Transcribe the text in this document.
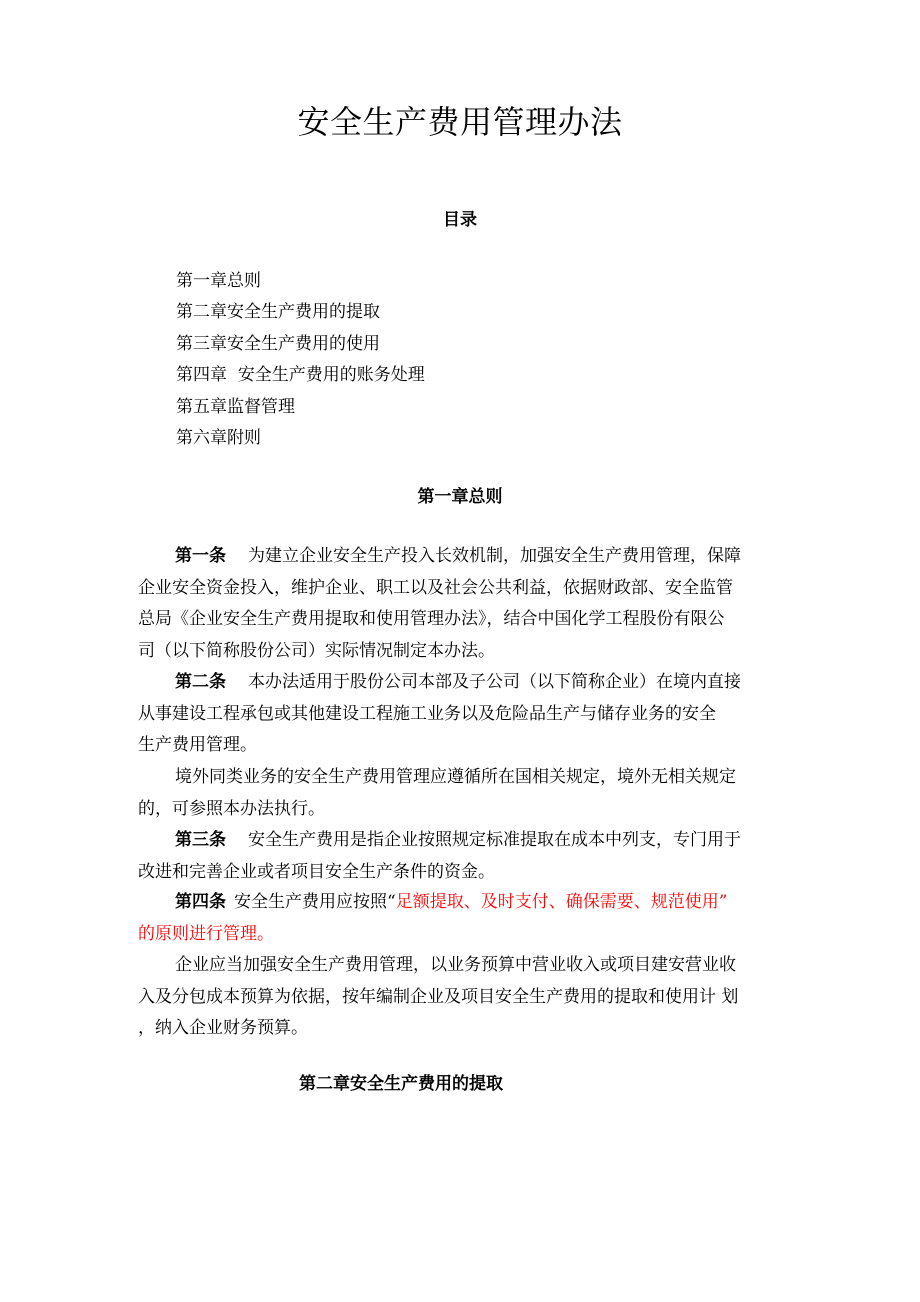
安全生产费用管理办法
目录
第一章总则
第二章安全生产费用的提取
第三章安全生产费用的使用
第四章  安全生产费用的账务处理
第五章监督管理
第六章附则
第一章总则
第一条 为建立企业安全生产投入长效机制，加强安全生产费用管理，保障
企业安全资金投入，维护企业、职工以及社会公共利益，依据财政部、安全监管
总局《企业安全生产费用提取和使用管理办法》，结合中国化学工程股份有限公
司（以下简称股份公司）实际情况制定本办法。
第二条 本办法适用于股份公司本部及子公司（以下简称企业）在境内直接
从事建设工程承包或其他建设工程施工业务以及危险品生产与储存业务的安全
生产费用管理。
境外同类业务的安全生产费用管理应遵循所在国相关规定，境外无相关规定
的，可参照本办法执行。
第三条 安全生产费用是指企业按照规定标准提取在成本中列支，专门用于
改进和完善企业或者项目安全生产条件的资金。
第四条 安全生产费用应按照“足额提取、及时支付、确保需要、规范使用”
的原则进行管理。
企业应当加强安全生产费用管理，以业务预算中营业收入或项目建安营业收
入及分包成本预算为依据，按年编制企业及项目安全生产费用的提取和使用计 划
，纳入企业财务预算。
第二章安全生产费用的提取
